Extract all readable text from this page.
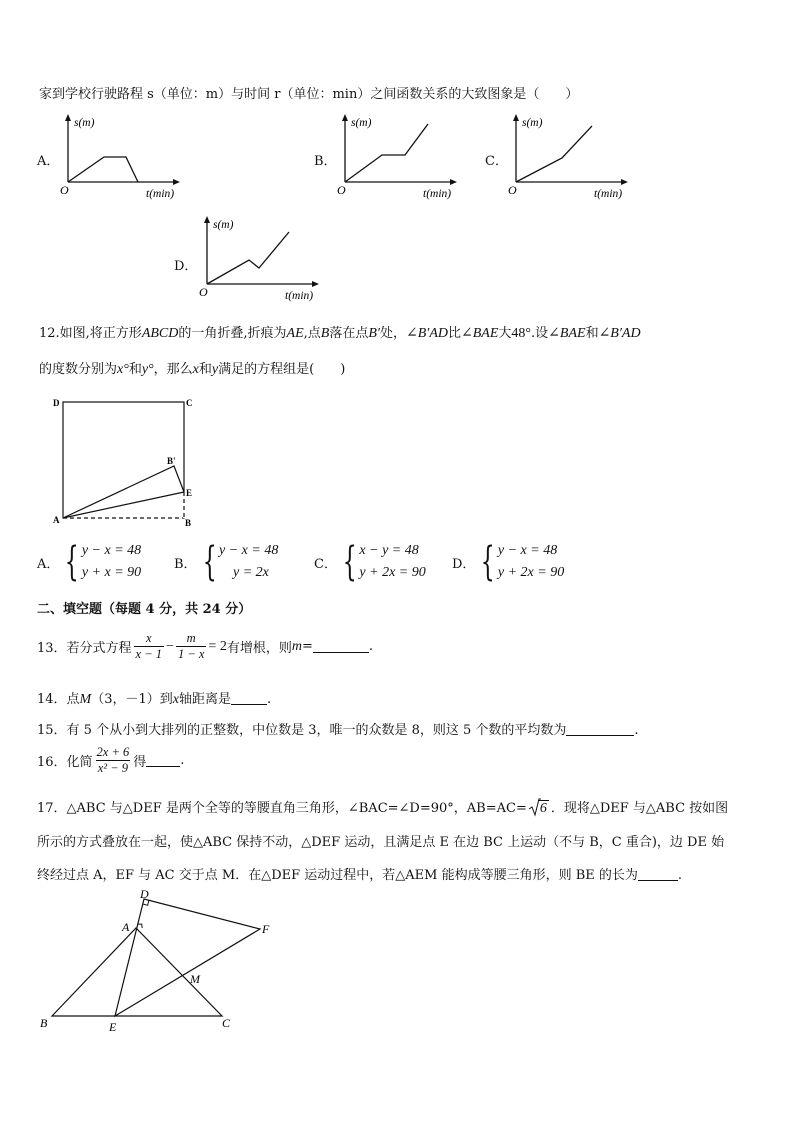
家到学校行驶路程 s（单位：m）与时间 r（单位：min）之间函数关系的大致图象是（　　）
A．
s(m)
O	t(min)
B．
s(m)
O	t(min)
C．
s(m)
O	t(min)
D．
s(m)
O	t(min)
12.如图,将正方形ABCD的一角折叠,折痕为AE,点B落在点B′处，∠B′AD比∠BAE大48°.设∠BAE和∠B′AD
的度数分别为x°和y°，那么x和y满足的方程组是(　　)
D	C
B'
E
A	B
A． { y − x = 48
y + x = 90
B． { y − x = 48
y = 2x
C． { x − y = 48
y + 2x = 90
D． { y − x = 48
y + 2x = 90
二、填空题（每题 4 分，共 24 分）
13．若分式方程 $\frac{x}{x - 1} - \frac{m}{1 - x} = 2$ 有增根，则 m =	.
14．点M（3，－1）到x轴距离是	.
15．有 5 个从小到大排列的正整数，中位数是 3，唯一的众数是 8，则这 5 个数的平均数为	.
16．化简 $\frac{2x + 6}{\text{x² − 9}}$ 得	.
17．△ABC 与△DEF 是两个全等的等腰直角三角形，∠BAC=∠D=90°，AB=AC= 6 ．现将△DEF 与△ABC 按如图
所示的方式叠放在一起，使△ABC 保持不动，△DEF 运动，且满足点 E 在边 BC 上运动（不与 B，C 重合)，边 DE 始
终经过点 A，EF 与 AC 交于点 M．在△DEF 运动过程中，若△AEM 能构成等腰三角形，则 BE 的长为	.
D
A	F
M
B	E	C
